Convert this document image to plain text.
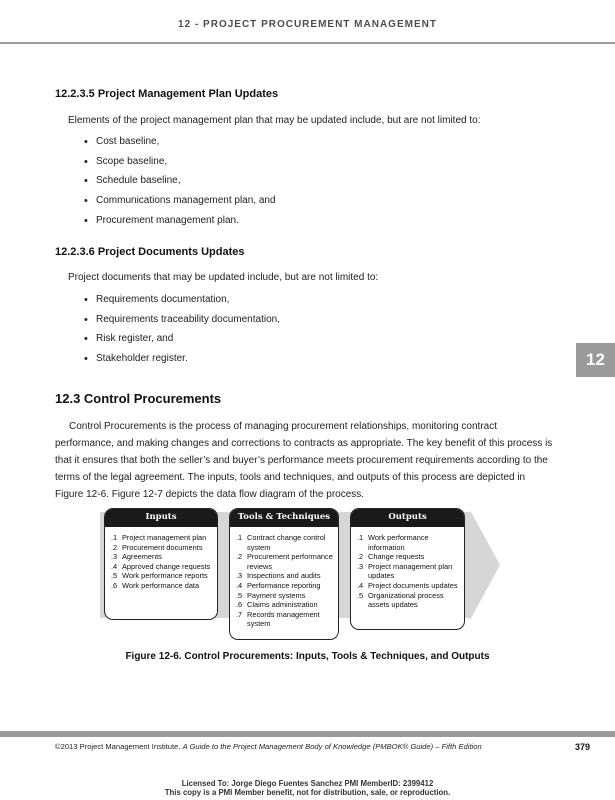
12 - PROJECT PROCUREMENT MANAGEMENT
12.2.3.5 Project Management Plan Updates
Elements of the project management plan that may be updated include, but are not limited to:
• Cost baseline,
• Scope baseline,
• Schedule baseline,
• Communications management plan, and
• Procurement management plan.
12.2.3.6 Project Documents Updates
Project documents that may be updated include, but are not limited to:
• Requirements documentation,
• Requirements traceability documentation,
• Risk register, and
• Stakeholder register.	12
12.3 Control Procurements
Control Procurements is the process of managing procurement relationships, monitoring contract performance, and making changes and corrections to contracts as appropriate. The key benefit of this process is that it ensures that both the seller’s and buyer’s performance meets procurement requirements according to the terms of the legal agreement. The inputs, tools and techniques, and outputs of this process are depicted in Figure 12-6. Figure 12-7 depicts the data flow diagram of the process.
Inputs
.1 Project management plan
.2 Procurement documents
.3 Agreements
.4 Approved change requests
.5 Work performance reports
.6 Work performance data
Tools & Techniques
.1 Contract change control system
.2 Procurement performance reviews
.3 Inspections and audits
.4 Performance reporting
.5 Payment systems
.6 Claims administration
.7 Records management system
Outputs
.1 Work performance information
.2 Change requests
.3 Project management plan updates
.4 Project documents updates
.5 Organizational process assets updates
Figure 12-6. Control Procurements: Inputs, Tools & Techniques, and Outputs
©2013 Project Management Institute. A Guide to the Project Management Body of Knowledge (PMBOK® Guide) – Fifth Edition	379
Licensed To: Jorge Diego Fuentes Sanchez PMI MemberID: 2399412
This copy is a PMI Member benefit, not for distribution, sale, or reproduction.
